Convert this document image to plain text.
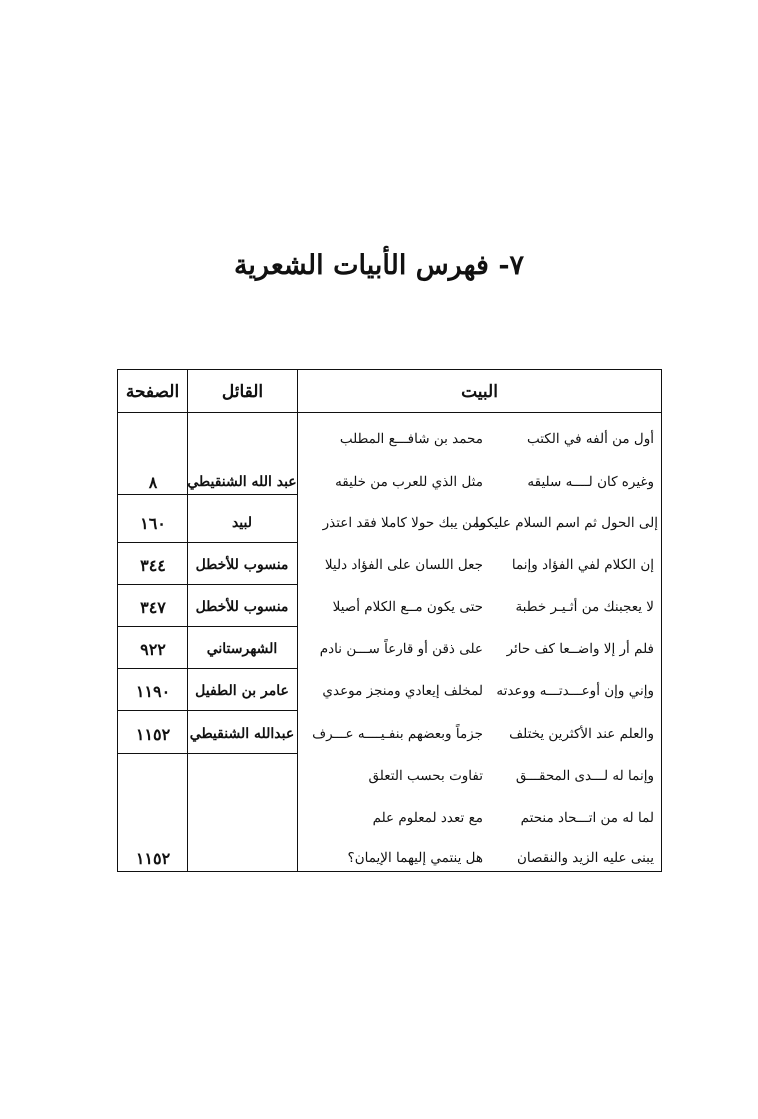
٧- فهرس الأبيات الشعرية
البيت
القائل
الصفحة
أول من ألفه في الكتب
محمد بن شافـــع المطلب
وغيره كان لــــه سليقه
مثل الذي للعرب من خليقه
عبد الله الشنقيطي
٨
إلى الحول ثم اسم السلام عليكما
ومن يبك حولا كاملا فقد اعتذر
لبيد
١٦٠
إن الكلام لفي الفؤاد وإنما
جعل اللسان على الفؤاد دليلا
منسوب للأخطل
٣٤٤
لا يعجبنك من أثـيـر خطبة
حتى يكون مــع الكلام أصيلا
منسوب للأخطل
٣٤٧
فلم أر إلا واضــعا كف حائر
على ذقن أو قارعاً ســـن نادم
الشهرستاني
٩٢٢
وإني وإن أوعـــدتـــه ووعدته
لمخلف إيعادي ومنجز موعدي
عامر بن الطفيل
١١٩٠
والعلم عند الأكثرين يختلف
جزماً وبعضهم بنفـيــــه عـــرف
عبدالله الشنقيطي
١١٥٢
وإنما له لـــدى المحقـــق
تفاوت بحسب التعلق
لما له من اتـــحاد منحتم
مع تعدد لمعلوم علم
يبنى عليه الزيد والنقصان
هل ينتمي إليهما الإيمان؟
١١٥٢
